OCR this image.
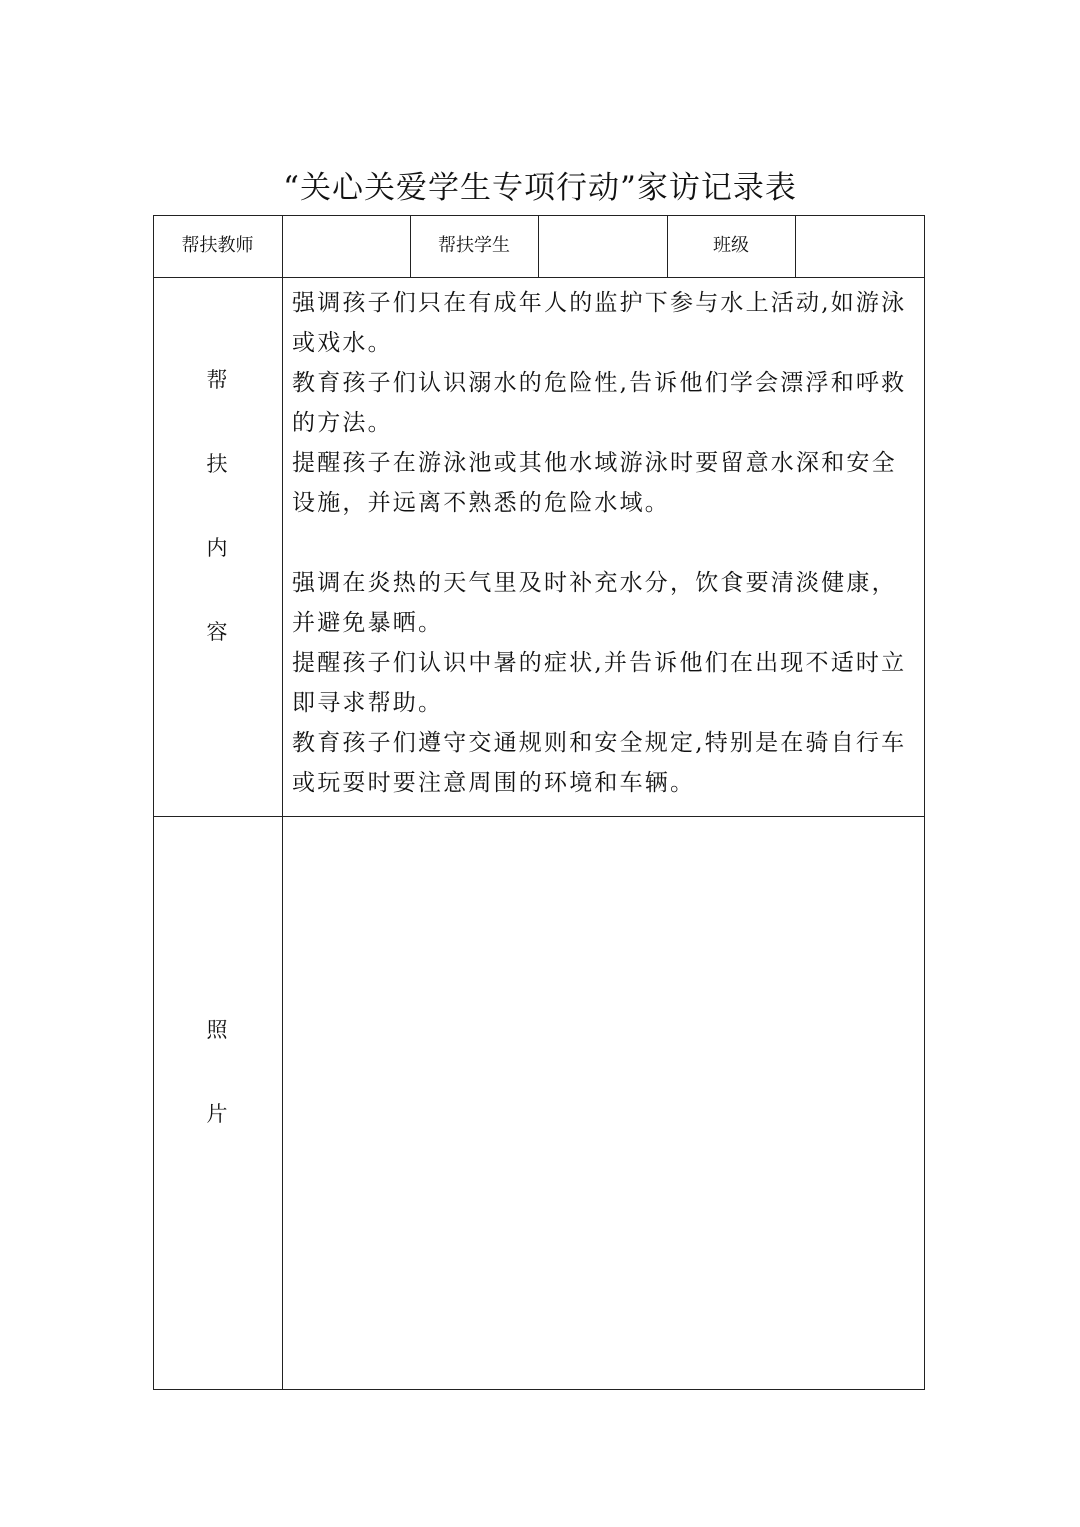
“关心关爱学生专项行动”家访记录表
帮扶教师	帮扶学生	班级
帮
扶
内
容

强调孩子们只在有成年人的监护下参与水上活动,如游泳或戏水。

教育孩子们认识溺水的危险性,告诉他们学会漂浮和呼救的方法。

提醒孩子在游泳池或其他水域游泳时要留意水深和安全设施，并远离不熟悉的危险水域。

强调在炎热的天气里及时补充水分，饮食要清淡健康，并避免暴晒。

提醒孩子们认识中暑的症状,并告诉他们在出现不适时立即寻求帮助。

教育孩子们遵守交通规则和安全规定,特别是在骑自行车或玩耍时要注意周围的环境和车辆。

照
片
